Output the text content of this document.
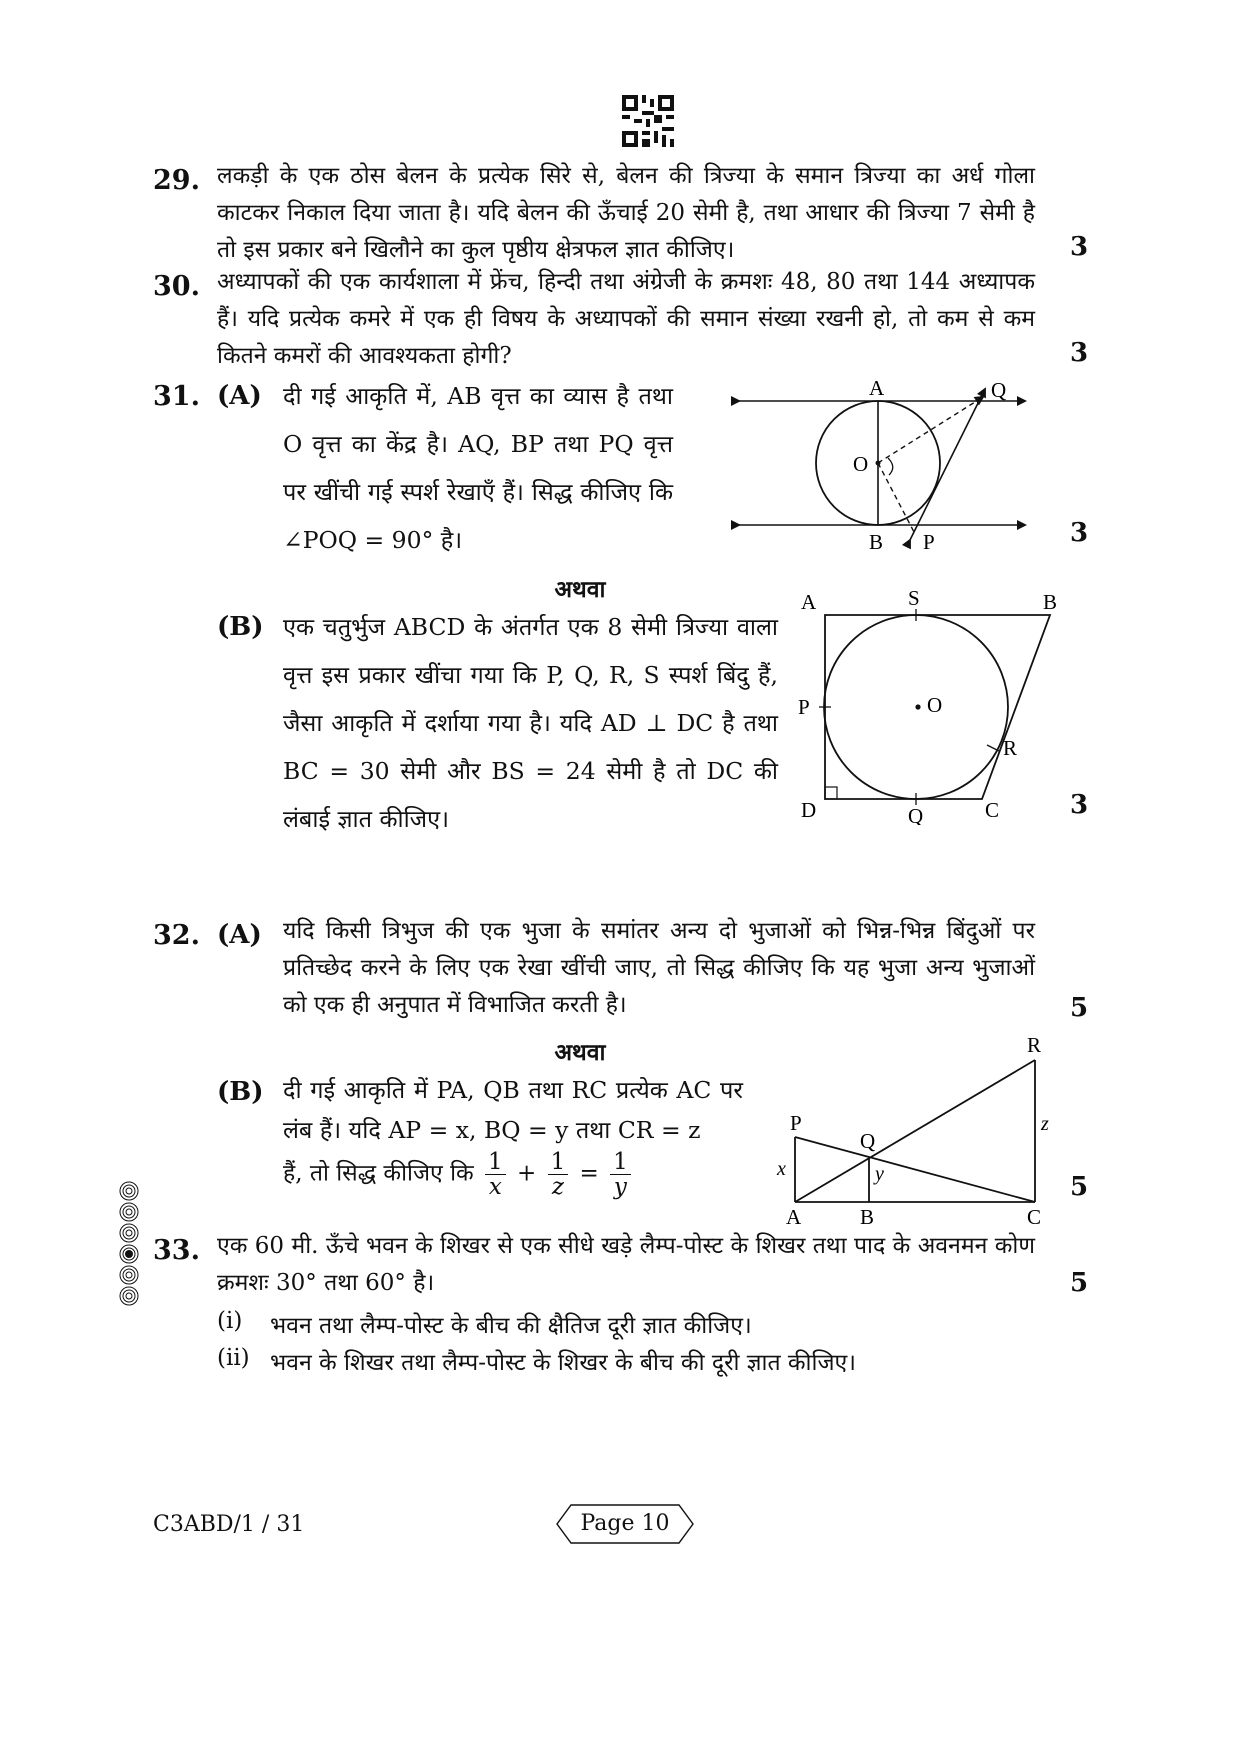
29. लकड़ी के एक ठोस बेलन के प्रत्येक सिरे से, बेलन की त्रिज्या के समान त्रिज्या का अर्ध गोला काटकर निकाल दिया जाता है। यदि बेलन की ऊँचाई 20 सेमी है, तथा आधार की त्रिज्या 7 सेमी है तो इस प्रकार बने खिलौने का कुल पृष्ठीय क्षेत्रफल ज्ञात कीजिए।	3
30. अध्यापकों की एक कार्यशाला में फ्रेंच, हिन्दी तथा अंग्रेजी के क्रमशः 48, 80 तथा 144 अध्यापक हैं। यदि प्रत्येक कमरे में एक ही विषय के अध्यापकों की समान संख्या रखनी हो, तो कम से कम कितने कमरों की आवश्यकता होगी?	3
31. (A) दी गई आकृति में, AB वृत्त का व्यास है तथा O वृत्त का केंद्र है। AQ, BP तथा PQ वृत्त पर खींची गई स्पर्श रेखाएँ हैं। सिद्ध कीजिए कि ∠POQ = 90° है।	3
A
B
O
P
Q
अथवा
(B) एक चतुर्भुज ABCD के अंतर्गत एक 8 सेमी त्रिज्या वाला वृत्त इस प्रकार खींचा गया कि P, Q, R, S स्पर्श बिंदु हैं, जैसा आकृति में दर्शाया गया है। यदि AD ⊥ DC है तथा BC = 30 सेमी और BS = 24 सेमी है तो DC की लंबाई ज्ञात कीजिए।	3
A	B
C
D
O
P
Q
R
S
32. (A) यदि किसी त्रिभुज की एक भुजा के समांतर अन्य दो भुजाओं को भिन्न-भिन्न बिंदुओं पर प्रतिच्छेद करने के लिए एक रेखा खींची जाए, तो सिद्ध कीजिए कि यह भुजा अन्य भुजाओं को एक ही अनुपात में विभाजित करती है।	5
अथवा
(B) दी गई आकृति में PA, QB तथा RC प्रत्येक AC पर लंब हैं। यदि AP = x, BQ = y तथा CR = z
हैं, तो सिद्ध कीजिए कि $\frac{1}{x} + \frac{1}{z} = \frac{1}{y}$	5
A	B	C
P
Q
R
x	y
z
33. एक 60 मी. ऊँचे भवन के शिखर से एक सीधे खड़े लैम्प-पोस्ट के शिखर तथा पाद के अवनमन कोण क्रमशः 30° तथा 60° है।	5
(i) भवन तथा लैम्प-पोस्ट के बीच की क्षैतिज दूरी ज्ञात कीजिए।
(ii) भवन के शिखर तथा लैम्प-पोस्ट के शिखर के बीच की दूरी ज्ञात कीजिए।
C3ABD/1 / 31	Page 10
